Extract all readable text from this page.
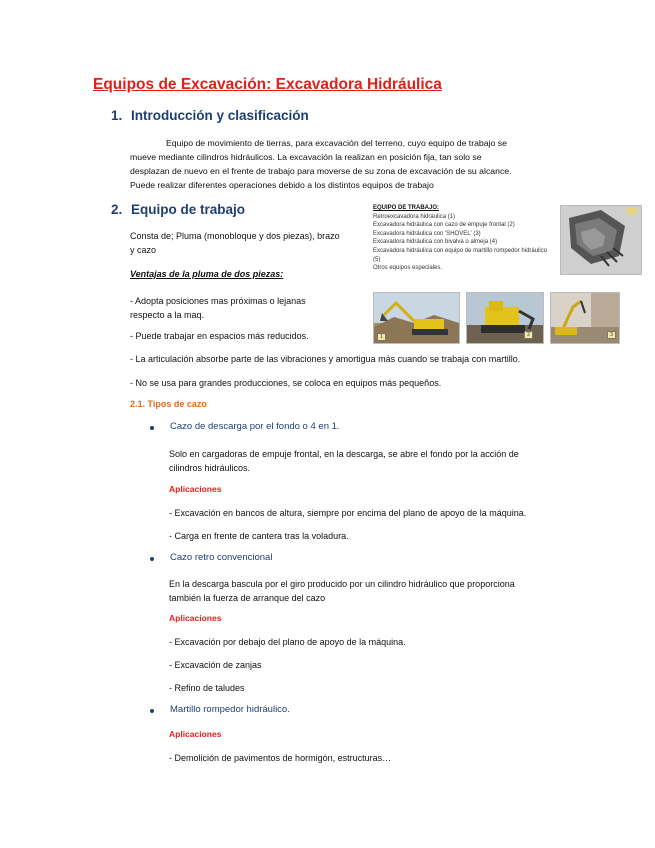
Equipos de Excavación: Excavadora Hidráulica
1. Introducción y clasificación
Equipo de movimiento de tierras, para excavación del terreno, cuyo equipo de trabajo se
mueve mediante cilindros hidráulicos. La excavación la realizan en posición fija, tan solo se
desplazan de nuevo en el frente de trabajo para moverse de su zona de excavación de su alcance.
Puede realizar diferentes operaciones debido a los distintos equipos de trabajo
2. Equipo de trabajo
Consta de; Pluma (monobloque y dos piezas), brazo
y cazo
Ventajas de la pluma de dos piezas:
- Adopta posiciones mas próximas o lejanas
respecto a la maq.
- Puede trabajar en espacios más reducidos.
- La articulación absorbe parte de las vibraciones y amortigua más cuando se trabaja con martillo.
- No se usa para grandes producciones, se coloca en equipos más pequeños.
EQUIPO DE TRABAJO:
Retroexcavadora hidráulica (1)
Excavadora hidráulica con cazo de empuje frontal (2)
Excavadora hidráulica con 'SHOVEL' (3)
Excavadora hidráulica con bivalva o almeja (4)
Excavadora hidráulica con equipo de martillo rompedor hidráulico (5)
Otros equipos especiales.
1	2	3
2.1. Tipos de cazo
Cazo de descarga por el fondo o 4 en 1.
Solo en cargadoras de empuje frontal, en la descarga, se abre el fondo por la acción de
cilindros hidráulicos.
Aplicaciones
- Excavación en bancos de altura, siempre por encima del plano de apoyo de la máquina.
- Carga en frente de cantera tras la voladura.
Cazo retro convencional
En la descarga bascula por el giro producido por un cilindro hidráulico que proporciona
también la fuerza de arranque del cazo
Aplicaciones
- Excavación por debajo del plano de apoyo de la máquina.
- Excavación de zanjas
- Refino de taludes
Martillo rompedor hidráulico.
Aplicaciones
- Demolición de pavimentos de hormigón, estructuras…
